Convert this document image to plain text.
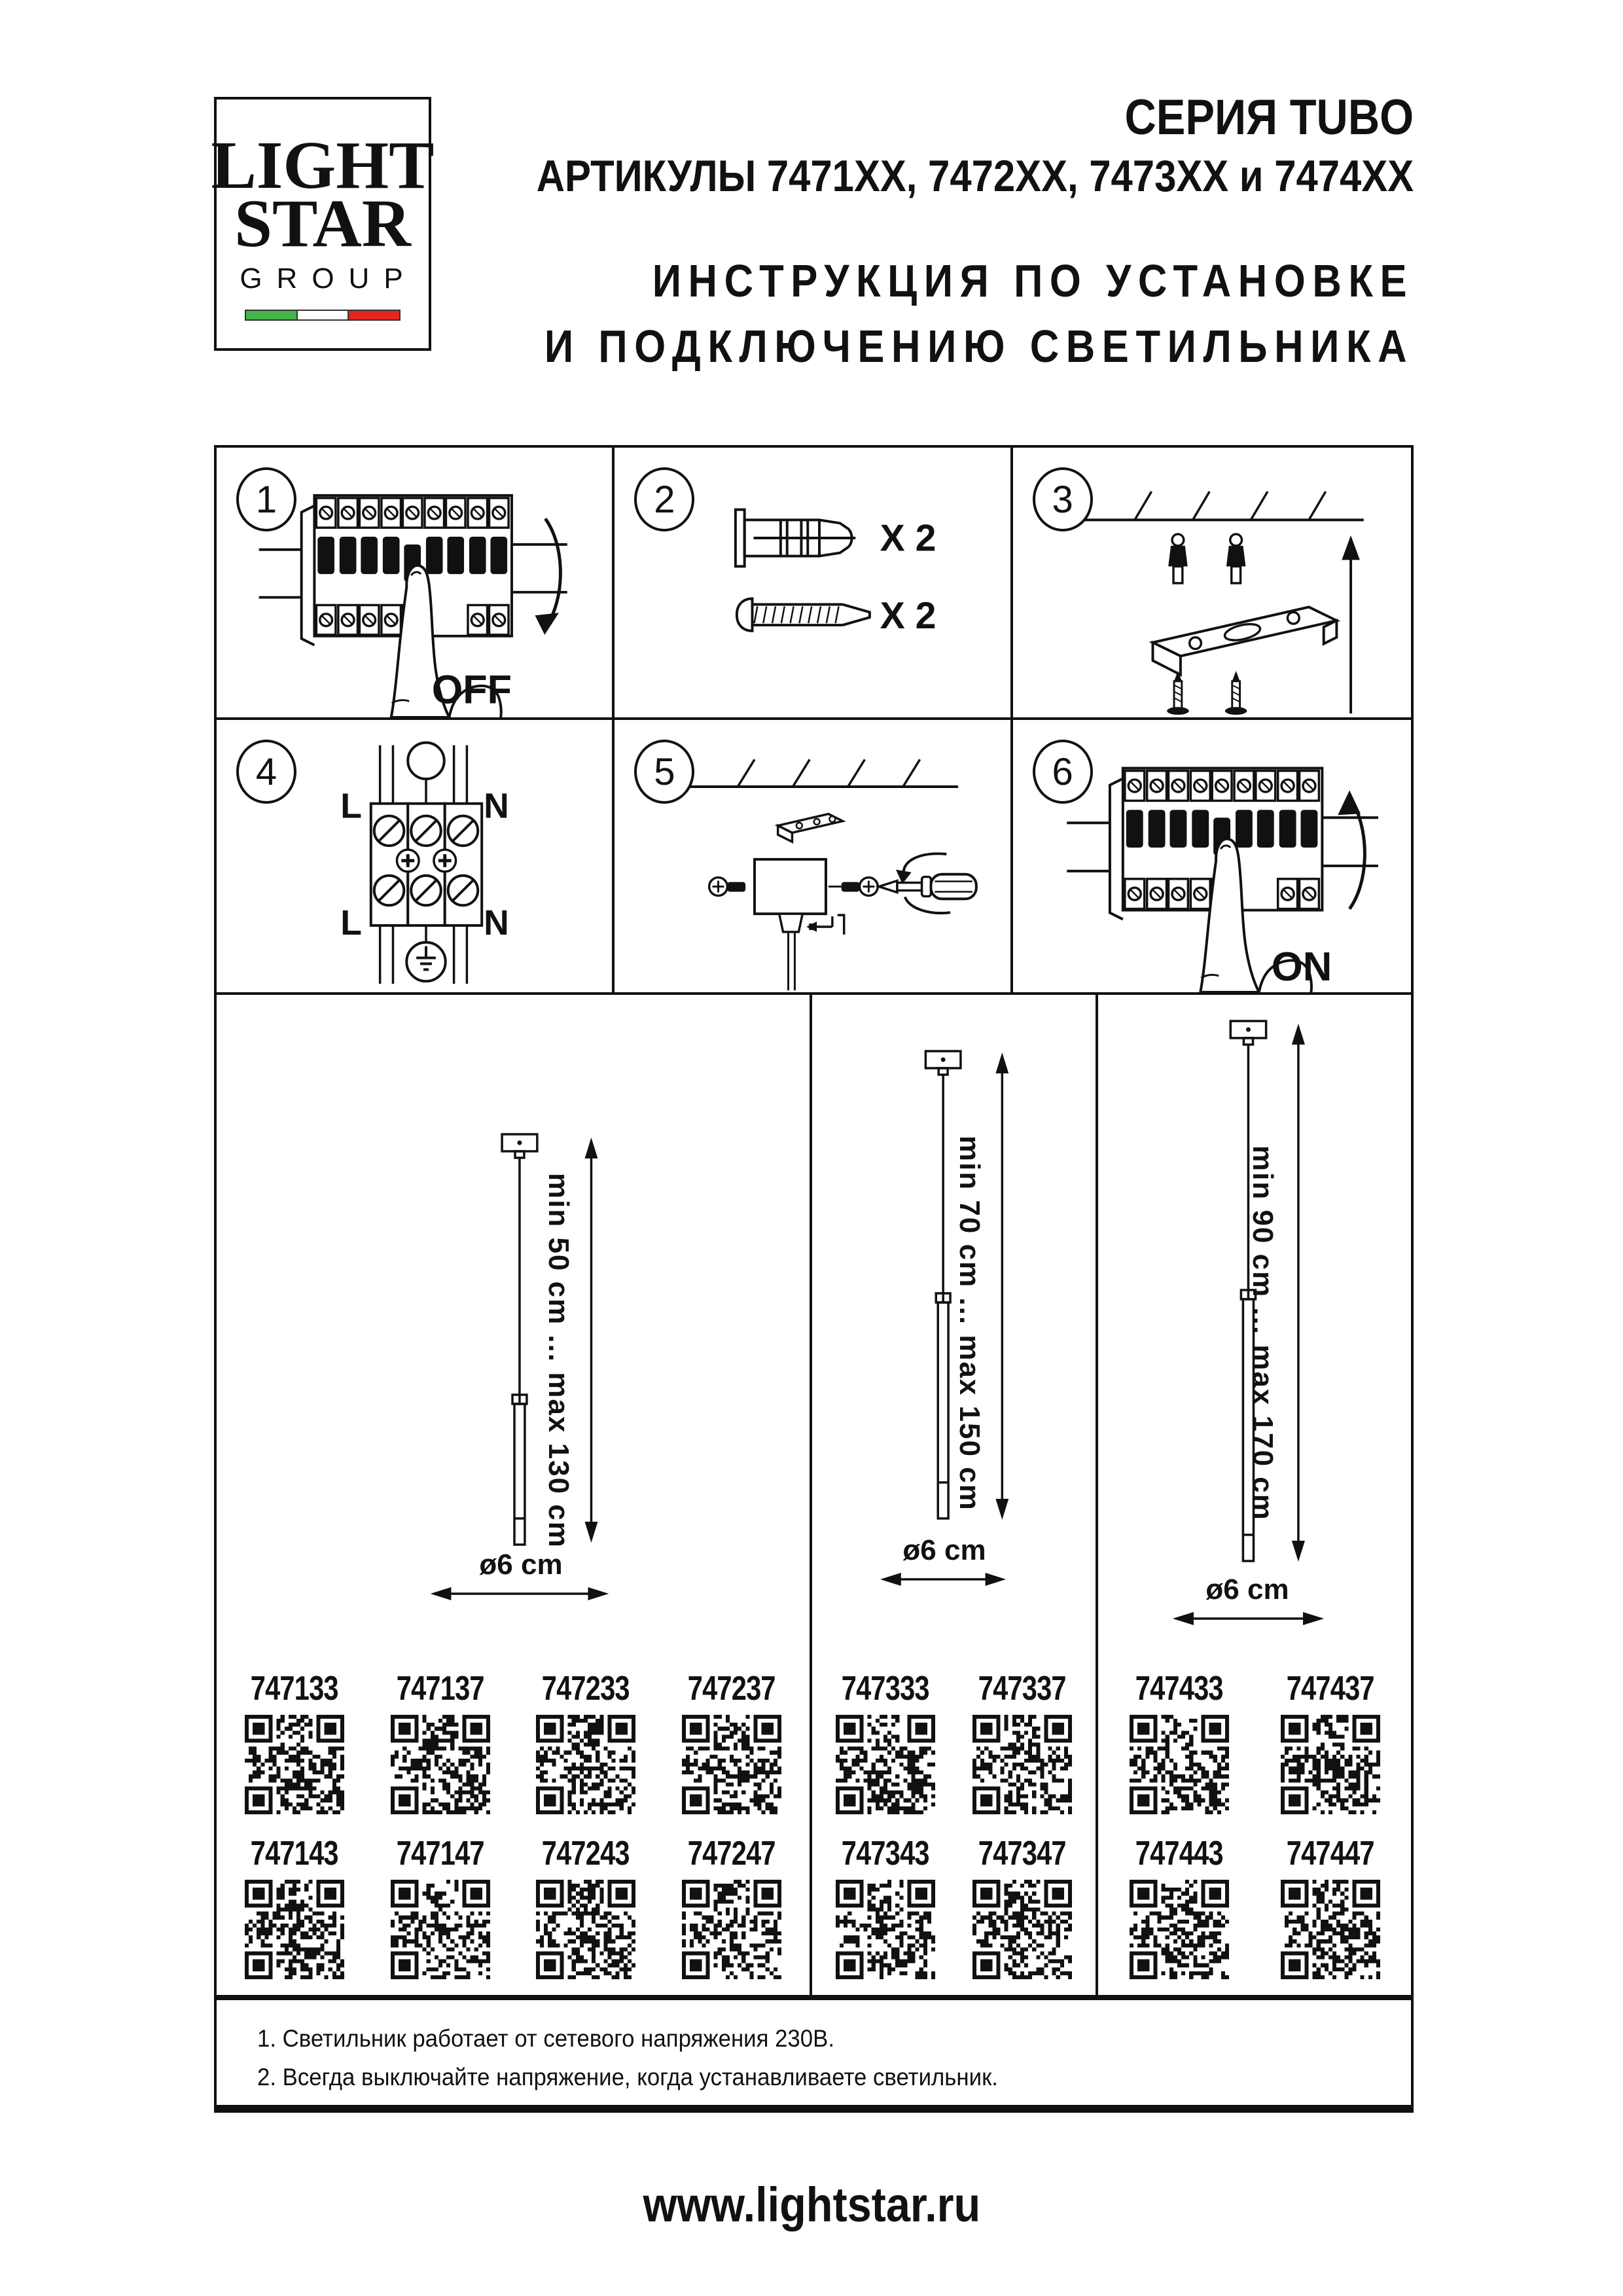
LIGHT
STAR
GROUP
СЕРИЯ TUBO
АРТИКУЛЫ 7471ХХ, 7472ХХ, 7473ХХ и 7474ХХ
ИНСТРУКЦИЯ ПО УСТАНОВКЕ
И ПОДКЛЮЧЕНИЮ СВЕТИЛЬНИКА
1
OFF
2
X 2
X 2
3
4
L	N
L	N
5	6
ON
min 50 cm ... max 130 cm
ø6 cm
747133 747137 747233 747237
747143 747147 747243 747247
min 70 cm ... max 150 cm
ø6 cm
747333 747337
747343 747347
min 90 cm ... max 170 cm
ø6 cm
747433 747437
747443 747447
1. Светильник работает от сетевого напряжения 230В.
2. Всегда выключайте напряжение, когда устанавливаете светильник.
www.lightstar.ru
